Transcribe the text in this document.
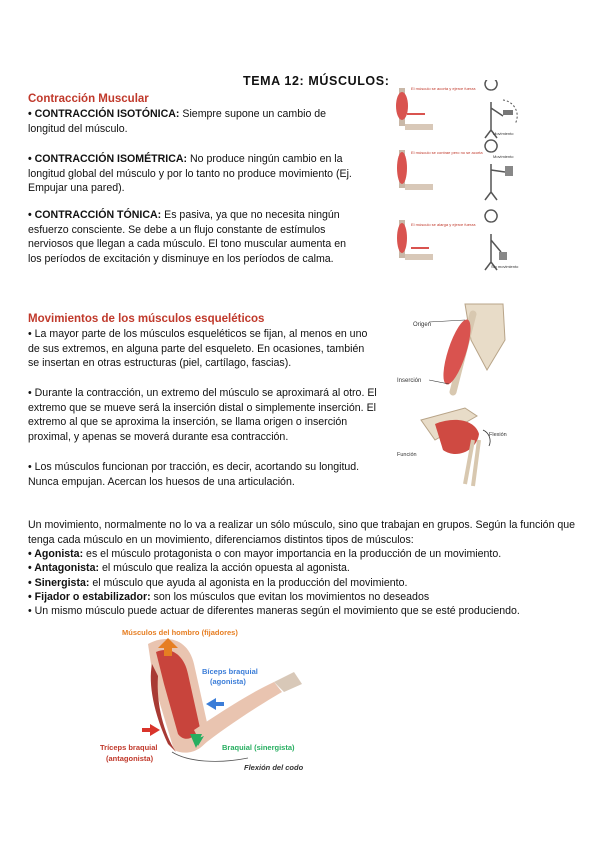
TEMA 12: MÚSCULOS:
Contracción Muscular
• CONTRACCIÓN ISOTÓNICA: Siempre supone un cambio de longitud del músculo.
• CONTRACCIÓN ISOMÉTRICA: No produce ningún cambio en la longitud global del músculo y por lo tanto no produce movimiento (Ej. Empujar una pared).
• CONTRACCIÓN TÓNICA: Es pasiva, ya que no necesita ningún esfuerzo consciente. Se debe a un flujo constante de estímulos nerviosos que llegan a cada músculo. El tono muscular aumenta en los períodos de excitación y disminuye en los períodos de calma.
El músculo se acorta y ejerce fuerza
Movimiento
El músculo se contrae pero no se acorta
Movimiento
El músculo se alarga y ejerce fuerza
Sin movimiento
Movimientos de los músculos esqueléticos
• La mayor parte de los músculos esqueléticos se fijan, al menos en uno de sus extremos, en alguna parte del esqueleto. En ocasiones, también se insertan en otras estructuras (piel, cartílago, fascias).
• Durante la contracción, un extremo del músculo se aproximará al otro. El extremo que se mueve será la inserción distal o simplemente inserción. El extremo al que se aproxima la inserción, se llama origen o inserción proximal, y apenas se moverá durante esa contracción.
• Los músculos funcionan por tracción, es decir, acortando su longitud. Nunca empujan. Acercan los huesos de una articulación.
Origen
Inserción
Flexión
Función
Un movimiento, normalmente no lo va a realizar un sólo músculo, sino que trabajan en grupos. Según la función que tenga cada músculo en un movimiento, diferenciamos distintos tipos de músculos:
• Agonista: es el músculo protagonista o con mayor importancia en la producción de un movimiento.
• Antagonista: el músculo que realiza la acción opuesta al agonista.
• Sinergista: el músculo que ayuda al agonista en la producción del movimiento.
• Fijador o estabilizador: son los músculos que evitan los movimientos no deseados
• Un mismo músculo puede actuar de diferentes maneras según el movimiento que se esté produciendo.
Músculos del hombro (fijadores)
Bíceps braquial
(agonista)
Tríceps braquial
(antagonista)
Braquial (sinergista)
Flexión del codo
